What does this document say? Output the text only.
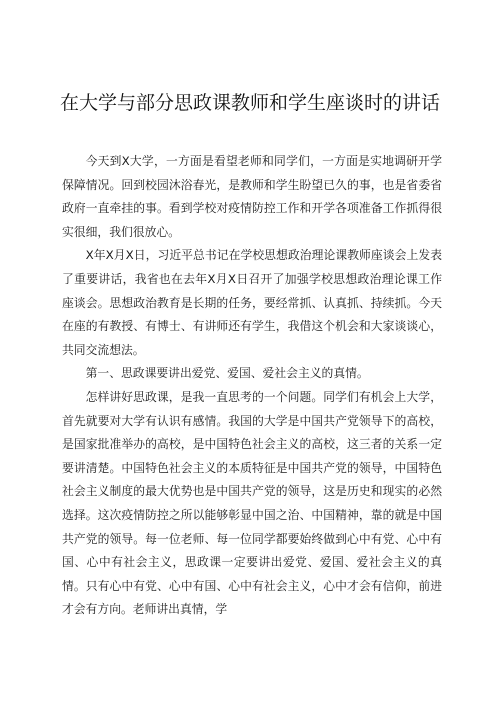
在大学与部分思政课教师和学生座谈时的讲话

今天到X大学，一方面是看望老师和同学们，一方面是实地调研开学保障情况。回到校园沐浴春光，是教师和学生盼望已久的事，也是省委省政府一直牵挂的事。看到学校对疫情防控工作和开学各项准备工作抓得很实很细，我们很放心。

X年X月X日，习近平总书记在学校思想政治理论课教师座谈会上发表了重要讲话，我省也在去年X月X日召开了加强学校思想政治理论课工作座谈会。思想政治教育是长期的任务，要经常抓、认真抓、持续抓。今天在座的有教授、有博士、有讲师还有学生，我借这个机会和大家谈谈心，共同交流想法。

第一、思政课要讲出爱党、爱国、爱社会主义的真情。

怎样讲好思政课，是我一直思考的一个问题。同学们有机会上大学，首先就要对大学有认识有感情。我国的大学是中国共产党领导下的高校，是国家批准举办的高校，是中国特色社会主义的高校，这三者的关系一定要讲清楚。中国特色社会主义的本质特征是中国共产党的领导，中国特色社会主义制度的最大优势也是中国共产党的领导，这是历史和现实的必然选择。这次疫情防控之所以能够彰显中国之治、中国精神，靠的就是中国共产党的领导。每一位老师、每一位同学都要始终做到心中有党、心中有国、心中有社会主义，思政课一定要讲出爱党、爱国、爱社会主义的真情。只有心中有党、心中有国、心中有社会主义，心中才会有信仰，前进才会有方向。老师讲出真情，学
